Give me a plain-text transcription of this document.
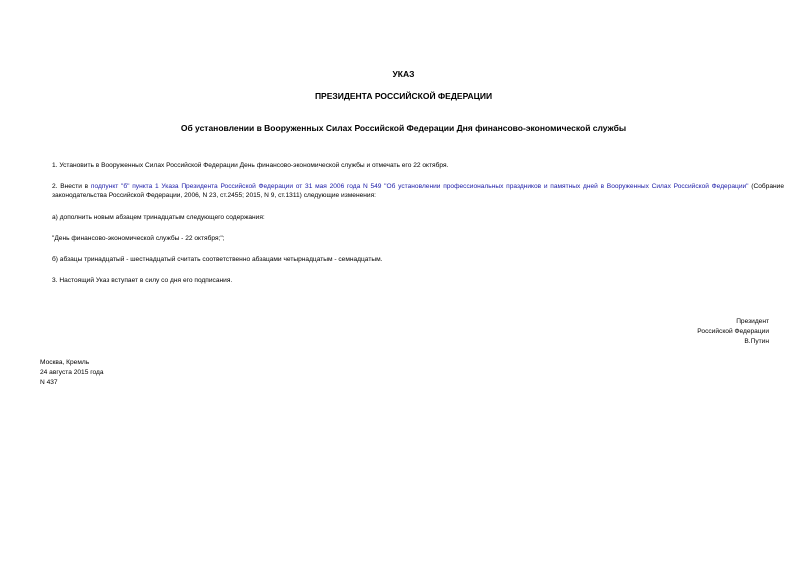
УКАЗ
ПРЕЗИДЕНТА РОССИЙСКОЙ ФЕДЕРАЦИИ
Об установлении в Вооруженных Силах Российской Федерации Дня финансово-экономической службы
1. Установить в Вооруженных Силах Российской Федерации День финансово-экономической службы и отмечать его 22 октября.
2. Внести в подпункт "б" пункта 1 Указа Президента Российской Федерации от 31 мая 2006 года N 549 "Об установлении профессиональных праздников и памятных дней в Вооруженных Силах Российской Федерации" (Собрание законодательства Российской Федерации, 2006, N 23, ст.2455; 2015, N 9, ст.1311) следующие изменения:
а) дополнить новым абзацем тринадцатым следующего содержания:
"День финансово-экономической службы - 22 октября;";
б) абзацы тринадцатый - шестнадцатый считать соответственно абзацами четырнадцатым - семнадцатым.
3. Настоящий Указ вступает в силу со дня его подписания.
Президент
Российской Федерации
В.Путин
Москва, Кремль
24 августа 2015 года
N 437
